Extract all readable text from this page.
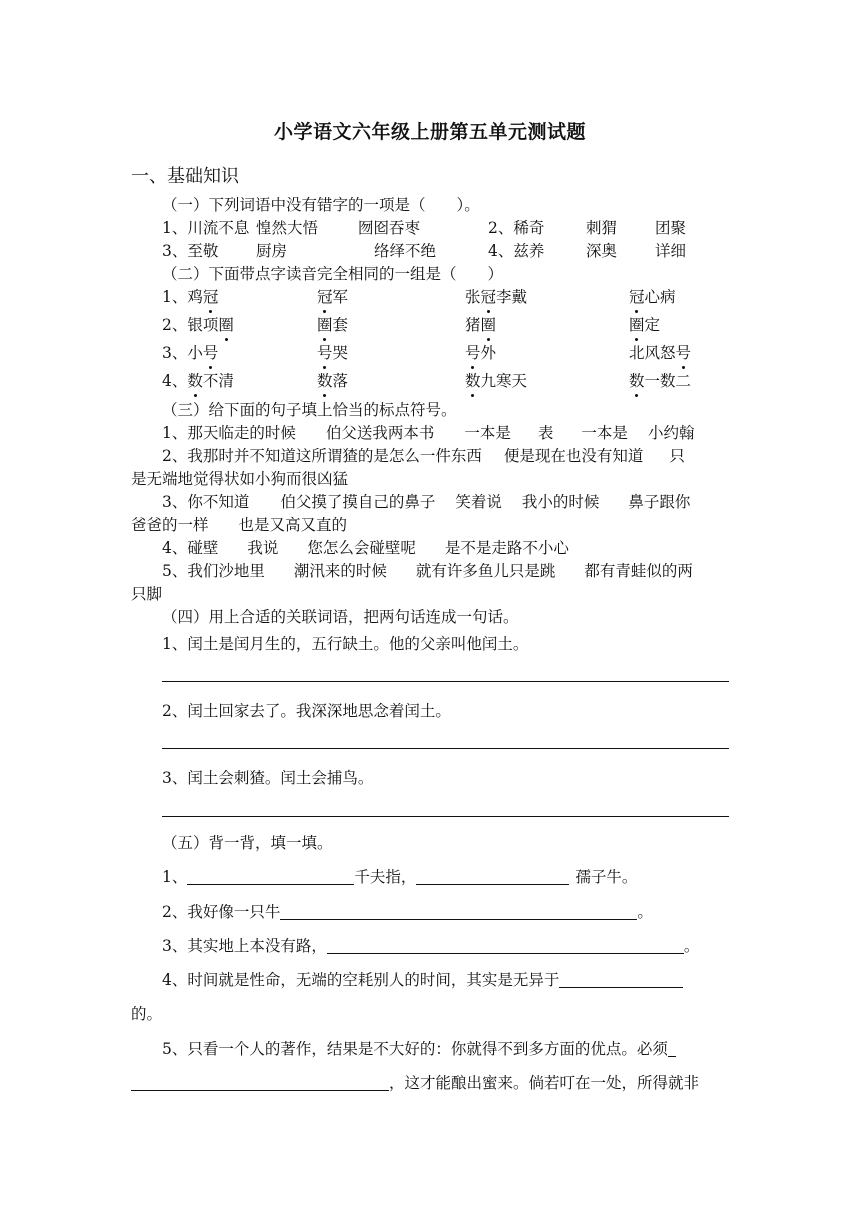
小学语文六年级上册第五单元测试题
一、基础知识
（一）下列词语中没有错字的一项是（　　）。
1、川流不息 惶然大悟	囫囵吞枣	2、稀奇	刺猬 团聚
3、至敬 厨房	络绎不绝	4、兹养	深奥 详细
（二）下面带点字读音完全相同的一组是（　　）
1、鸡冠	冠军	张冠李戴	冠心病
2、银项圈	圈套	猪圈	圈定
3、小号	号哭	号外	北风怒号
4、数不清	数落	数九寒天	数一数二
（三）给下面的句子填上恰当的标点符号。
1、那天临走的时候 伯父送我两本书 一本是 表 一本是 小约翰
2、我那时并不知道这所谓猹的是怎么一件东西 便是现在也没有知道 只
是无端地觉得状如小狗而很凶猛
3、你不知道 伯父摸了摸自己的鼻子 笑着说 我小的时候 鼻子跟你
爸爸的一样 也是又高又直的
4、碰壁 我说 您怎么会碰壁呢 是不是走路不小心
5、我们沙地里 潮汛来的时候 就有许多鱼儿只是跳 都有青蛙似的两
只脚
（四）用上合适的关联词语，把两句话连成一句话。
1、闰土是闰月生的，五行缺土。他的父亲叫他闰土。
2、闰土回家去了。我深深地思念着闰土。
3、闰土会刺猹。闰土会捕鸟。
（五）背一背，填一填。
1、	千夫指，	孺子牛。
2、我好像一只牛	。
3、其实地上本没有路，	。
4、时间就是性命，无端的空耗别人的时间，其实是无异于
的。
5、只看一个人的著作，结果是不大好的：你就得不到多方面的优点。必须
，这才能酿出蜜来。倘若叮在一处，所得就非
